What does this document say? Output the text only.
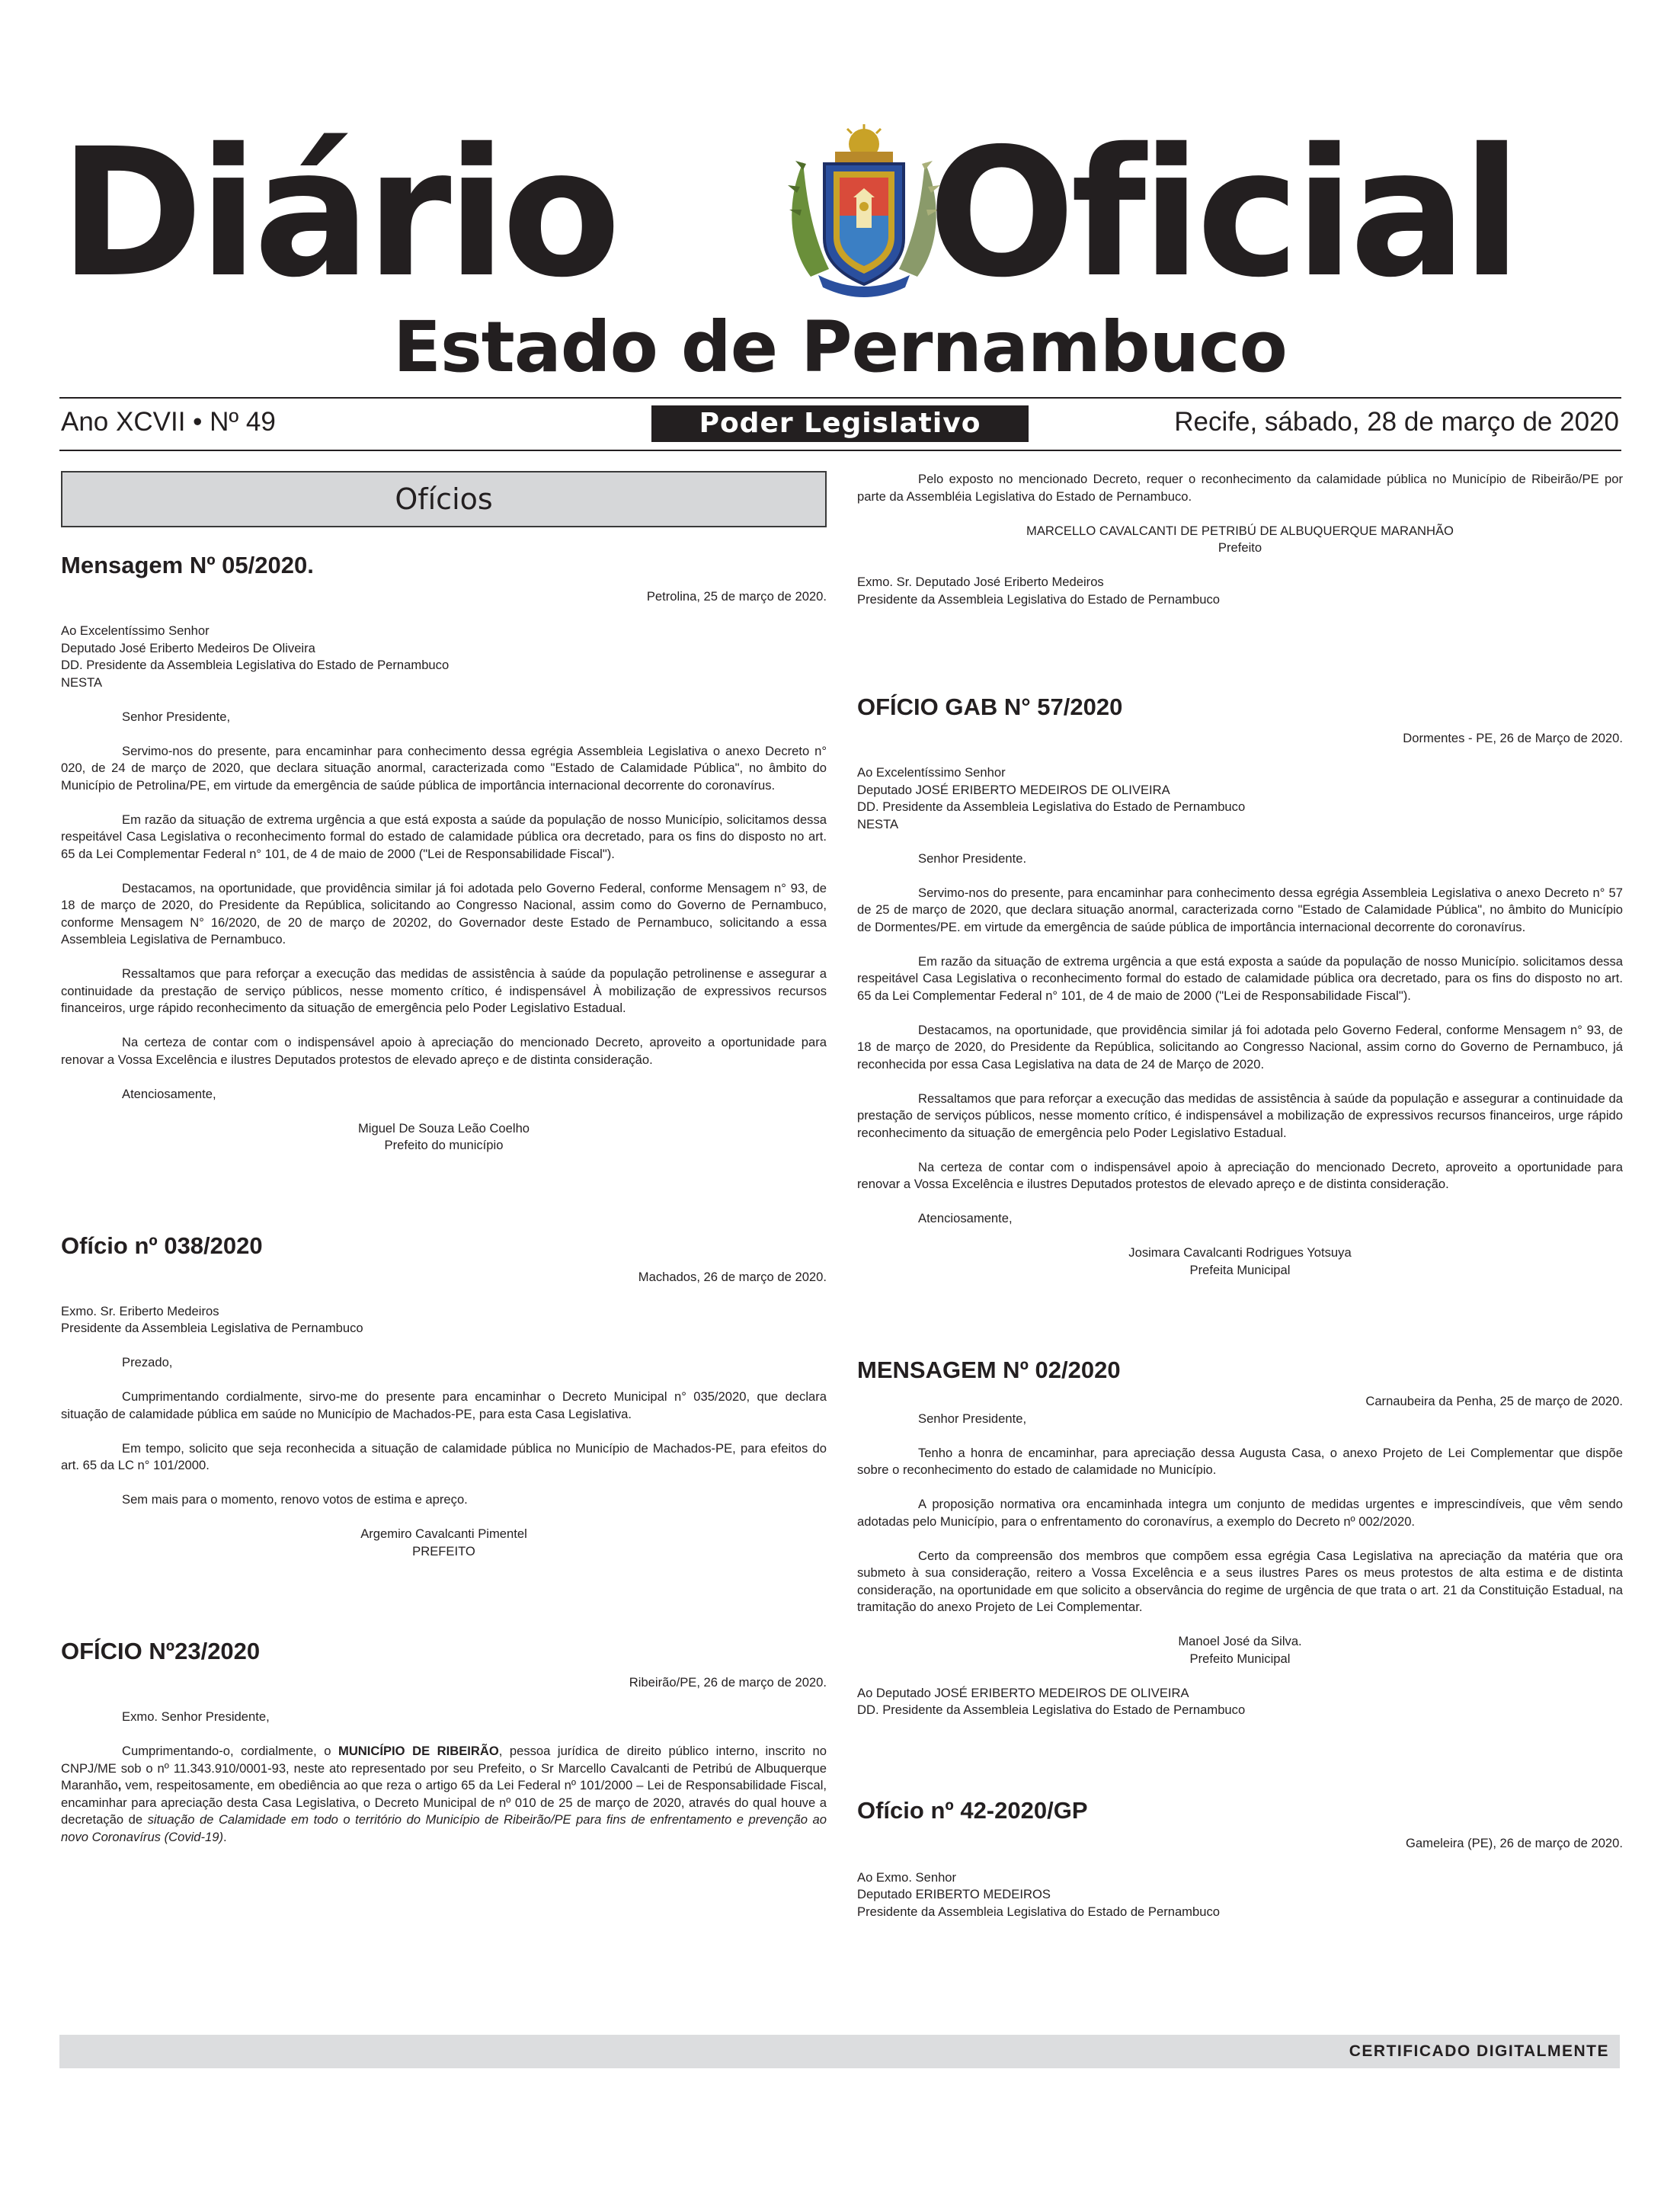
Diário Oficial
Estado de Pernambuco
Ano XCVII • Nº 49	Poder Legislativo	Recife, sábado, 28 de março de 2020
Ofícios
Mensagem Nº 05/2020.

Petrolina, 25 de março de 2020.

Ao Excelentíssimo Senhor

Deputado José Eriberto Medeiros De Oliveira

DD. Presidente da Assembleia Legislativa do Estado de Pernambuco

NESTA

Senhor Presidente,

Servimo-nos do presente, para encaminhar para conhecimento dessa egrégia Assembleia Legislativa o anexo Decreto n° 020, de 24 de março de 2020, que declara situação anormal, caracterizada como "Estado de Calamidade Pública", no âmbito do Município de Petrolina/PE, em virtude da emergência de saúde pública de importância internacional decorrente do coronavírus.

Em razão da situação de extrema urgência a que está exposta a saúde da população de nosso Município, solicitamos dessa respeitável Casa Legislativa o reconhecimento formal do estado de calamidade pública ora decretado, para os fins do disposto no art. 65 da Lei Complementar Federal n° 101, de 4 de maio de 2000 ("Lei de Responsabilidade Fiscal").

Destacamos, na oportunidade, que providência similar já foi adotada pelo Governo Federal, conforme Mensagem n° 93, de 18 de março de 2020, do Presidente da República, solicitando ao Congresso Nacional, assim como do Governo de Pernambuco, conforme Mensagem N° 16/2020, de 20 de março de 20202, do Governador deste Estado de Pernambuco, solicitando a essa Assembleia Legislativa de Pernambuco.

Ressaltamos que para reforçar a execução das medidas de assistência à saúde da população petrolinense e assegurar a continuidade da prestação de serviço públicos, nesse momento crítico, é indispensável À mobilização de expressivos recursos financeiros, urge rápido reconhecimento da situação de emergência pelo Poder Legislativo Estadual.

Na certeza de contar com o indispensável apoio à apreciação do mencionado Decreto, aproveito a oportunidade para renovar a Vossa Excelência e ilustres Deputados protestos de elevado apreço e de distinta consideração.

Atenciosamente,

Miguel De Souza Leão Coelho

Prefeito do município

Ofício nº 038/2020

Machados, 26 de março de 2020.

Exmo. Sr. Eriberto Medeiros

Presidente da Assembleia Legislativa de Pernambuco

Prezado,

Cumprimentando cordialmente, sirvo-me do presente para encaminhar o Decreto Municipal n° 035/2020, que declara situação de calamidade pública em saúde no Município de Machados-PE, para esta Casa Legislativa.

Em tempo, solicito que seja reconhecida a situação de calamidade pública no Município de Machados-PE, para efeitos do art. 65 da LC n° 101/2000.

Sem mais para o momento, renovo votos de estima e apreço.

Argemiro Cavalcanti Pimentel

PREFEITO

OFÍCIO Nº23/2020

Ribeirão/PE, 26 de março de 2020.

Exmo. Senhor Presidente,

Cumprimentando-o, cordialmente, o MUNICÍPIO DE RIBEIRÃO, pessoa jurídica de direito público interno, inscrito no CNPJ/ME sob o nº 11.343.910/0001-93, neste ato representado por seu Prefeito, o Sr Marcello Cavalcanti de Petribú de Albuquerque Maranhão, vem, respeitosamente, em obediência ao que reza o artigo 65 da Lei Federal nº 101/2000 – Lei de Responsabilidade Fiscal, encaminhar para apreciação desta Casa Legislativa, o Decreto Municipal de nº 010 de 25 de março de 2020, através do qual houve a decretação de situação de Calamidade em todo o território do Município de Ribeirão/PE para fins de enfrentamento e prevenção ao novo Coronavírus (Covid-19).

Pelo exposto no mencionado Decreto, requer o reconhecimento da calamidade pública no Município de Ribeirão/PE por parte da Assembléia Legislativa do Estado de Pernambuco.

MARCELLO CAVALCANTI DE PETRIBÚ DE ALBUQUERQUE MARANHÃO

Prefeito

Exmo. Sr. Deputado José Eriberto Medeiros

Presidente da Assembleia Legislativa do Estado de Pernambuco

OFÍCIO GAB N° 57/2020

Dormentes - PE, 26 de Março de 2020.

Ao Excelentíssimo Senhor

Deputado JOSÉ ERIBERTO MEDEIROS DE OLIVEIRA

DD. Presidente da Assembleia Legislativa do Estado de Pernambuco

NESTA

Senhor Presidente.

Servimo-nos do presente, para encaminhar para conhecimento dessa egrégia Assembleia Legislativa o anexo Decreto n° 57 de 25 de março de 2020, que declara situação anormal, caracterizada corno "Estado de Calamidade Pública", no âmbito do Município de Dormentes/PE. em virtude da emergência de saúde pública de importância internacional decorrente do coronavírus.

Em razão da situação de extrema urgência a que está exposta a saúde da população de nosso Município. solicitamos dessa respeitável Casa Legislativa o reconhecimento formal do estado de calamidade pública ora decretado, para os fins do disposto no art. 65 da Lei Complementar Federal n° 101, de 4 de maio de 2000 ("Lei de Responsabilidade Fiscal").

Destacamos, na oportunidade, que providência similar já foi adotada pelo Governo Federal, conforme Mensagem n° 93, de 18 de março de 2020, do Presidente da República, solicitando ao Congresso Nacional, assim corno do Governo de Pernambuco, já reconhecida por essa Casa Legislativa na data de 24 de Março de 2020.

Ressaltamos que para reforçar a execução das medidas de assistência à saúde da população e assegurar a continuidade da prestação de serviços públicos, nesse momento crítico, é indispensável a mobilização de expressivos recursos financeiros, urge rápido reconhecimento da situação de emergência pelo Poder Legislativo Estadual.

Na certeza de contar com o indispensável apoio à apreciação do mencionado Decreto, aproveito a oportunidade para renovar a Vossa Excelência e ilustres Deputados protestos de elevado apreço e de distinta consideração.

Atenciosamente,

Josimara Cavalcanti Rodrigues Yotsuya

Prefeita Municipal

MENSAGEM Nº 02/2020

Carnaubeira da Penha, 25 de março de 2020.

Senhor Presidente,

Tenho a honra de encaminhar, para apreciação dessa Augusta Casa, o anexo Projeto de Lei Complementar que dispõe sobre o reconhecimento do estado de calamidade no Município.

A proposição normativa ora encaminhada integra um conjunto de medidas urgentes e imprescindíveis, que vêm sendo adotadas pelo Município, para o enfrentamento do coronavírus, a exemplo do Decreto nº 002/2020.

Certo da compreensão dos membros que compõem essa egrégia Casa Legislativa na apreciação da matéria que ora submeto à sua consideração, reitero a Vossa Excelência e a seus ilustres Pares os meus protestos de alta estima e de distinta consideração, na oportunidade em que solicito a observância do regime de urgência de que trata o art. 21 da Constituição Estadual, na tramitação do anexo Projeto de Lei Complementar.

Manoel José da Silva.

Prefeito Municipal

Ao Deputado JOSÉ ERIBERTO MEDEIROS DE OLIVEIRA

DD. Presidente da Assembleia Legislativa do Estado de Pernambuco

Ofício nº 42-2020/GP

Gameleira (PE), 26 de março de 2020.

Ao Exmo. Senhor

Deputado ERIBERTO MEDEIROS

Presidente da Assembleia Legislativa do Estado de Pernambuco

CERTIFICADO DIGITALMENTE
